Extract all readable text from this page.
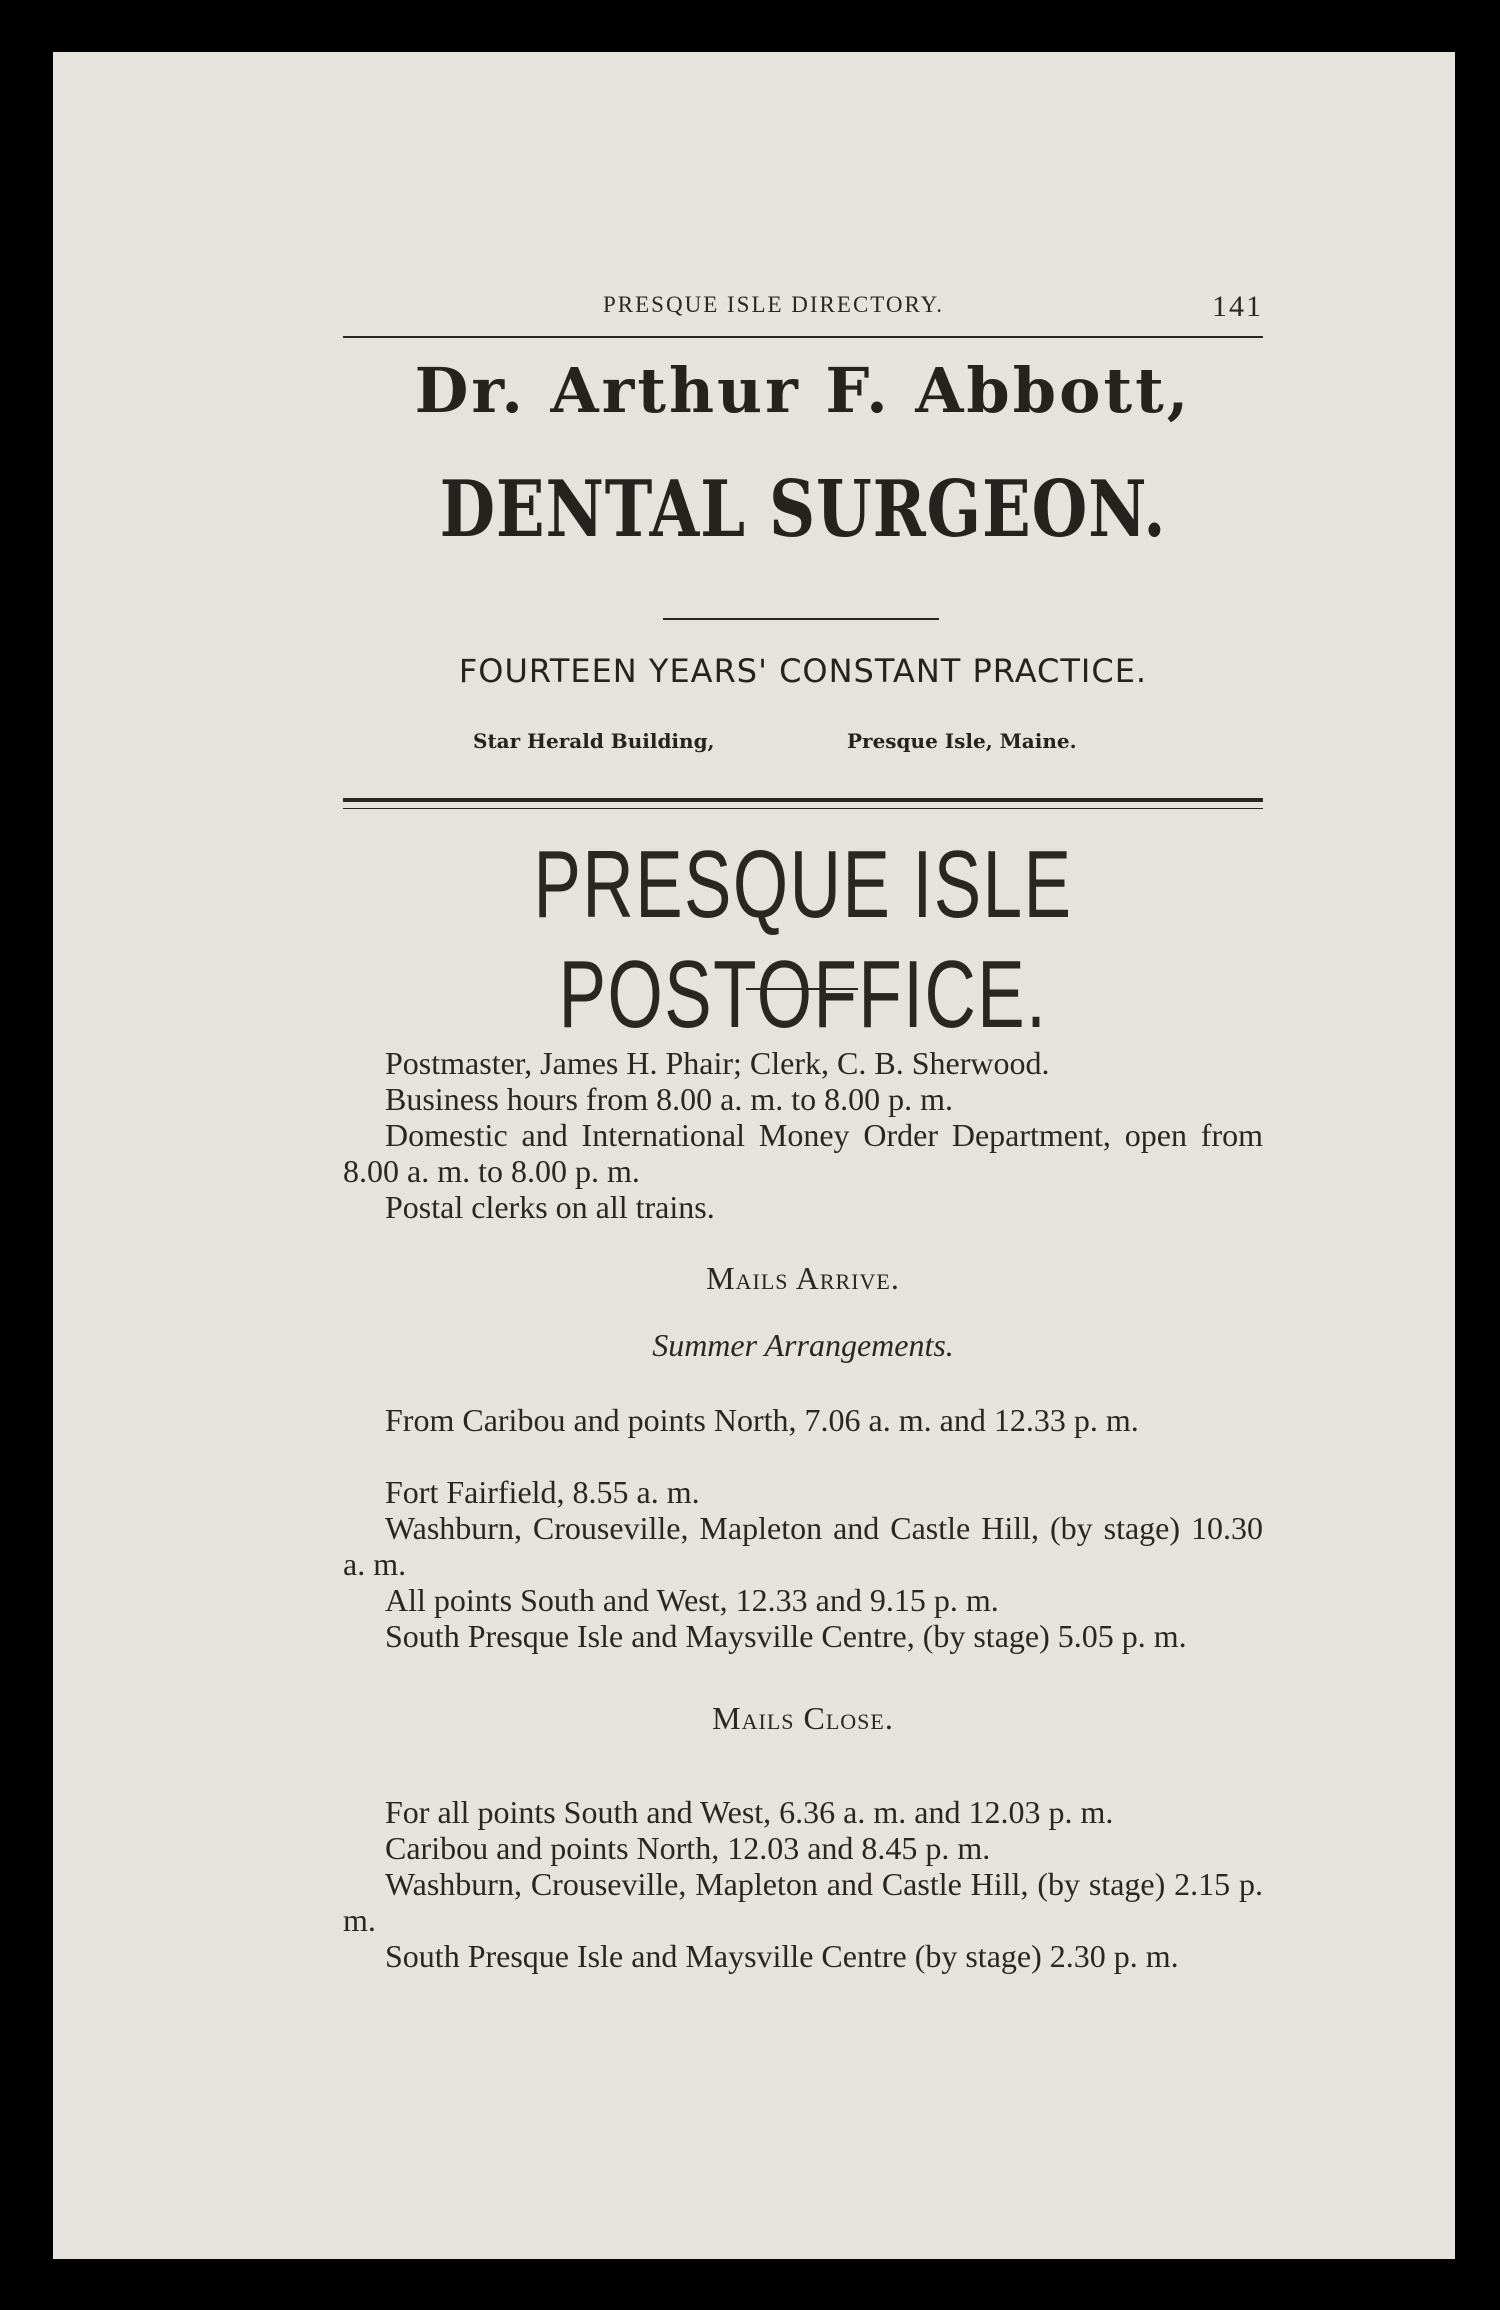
PRESQUE ISLE DIRECTORY.	141
Dr. Arthur F. Abbott,
DENTAL SURGEON.
FOURTEEN YEARS' CONSTANT PRACTICE.
Star Herald Building,	Presque Isle, Maine.
PRESQUE ISLE POSTOFFICE.
Postmaster, James H. Phair; Clerk, C. B. Sherwood.
Business hours from 8.00 a. m. to 8.00 p. m.
Domestic and International Money Order Department, open from 8.00 a. m. to 8.00 p. m.
Postal clerks on all trains.
Mails Arrive.
Summer Arrangements.
From Caribou and points North, 7.06 a. m. and 12.33 p. m.
Fort Fairfield, 8.55 a. m.
Washburn, Crouseville, Mapleton and Castle Hill, (by stage) 10.30 a. m.
All points South and West, 12.33 and 9.15 p. m.
South Presque Isle and Maysville Centre, (by stage) 5.05 p. m.
Mails Close.
For all points South and West, 6.36 a. m. and 12.03 p. m.
Caribou and points North, 12.03 and 8.45 p. m.
Washburn, Crouseville, Mapleton and Castle Hill, (by stage) 2.15 p. m.
South Presque Isle and Maysville Centre (by stage) 2.30 p. m.
